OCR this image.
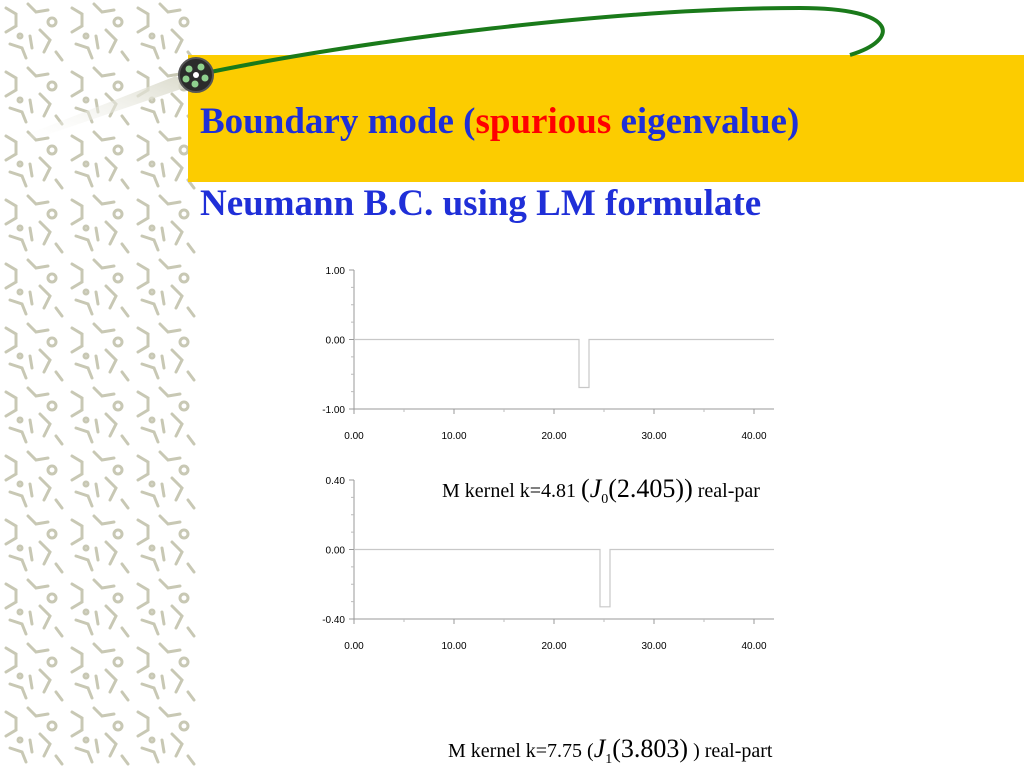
Boundary mode (spurious eigenvalue)
Neumann B.C. using LM formulate
-1.00
0.00
1.00
0.00	10.00	20.00	30.00	40.00
-0.40
0.00
0.40
0.00	10.00	20.00	30.00	40.00
M kernel k=4.81 $(J_0(2.405))$ real-par
M kernel k=7.75 ($J_1(3.803)$ ) real-part
